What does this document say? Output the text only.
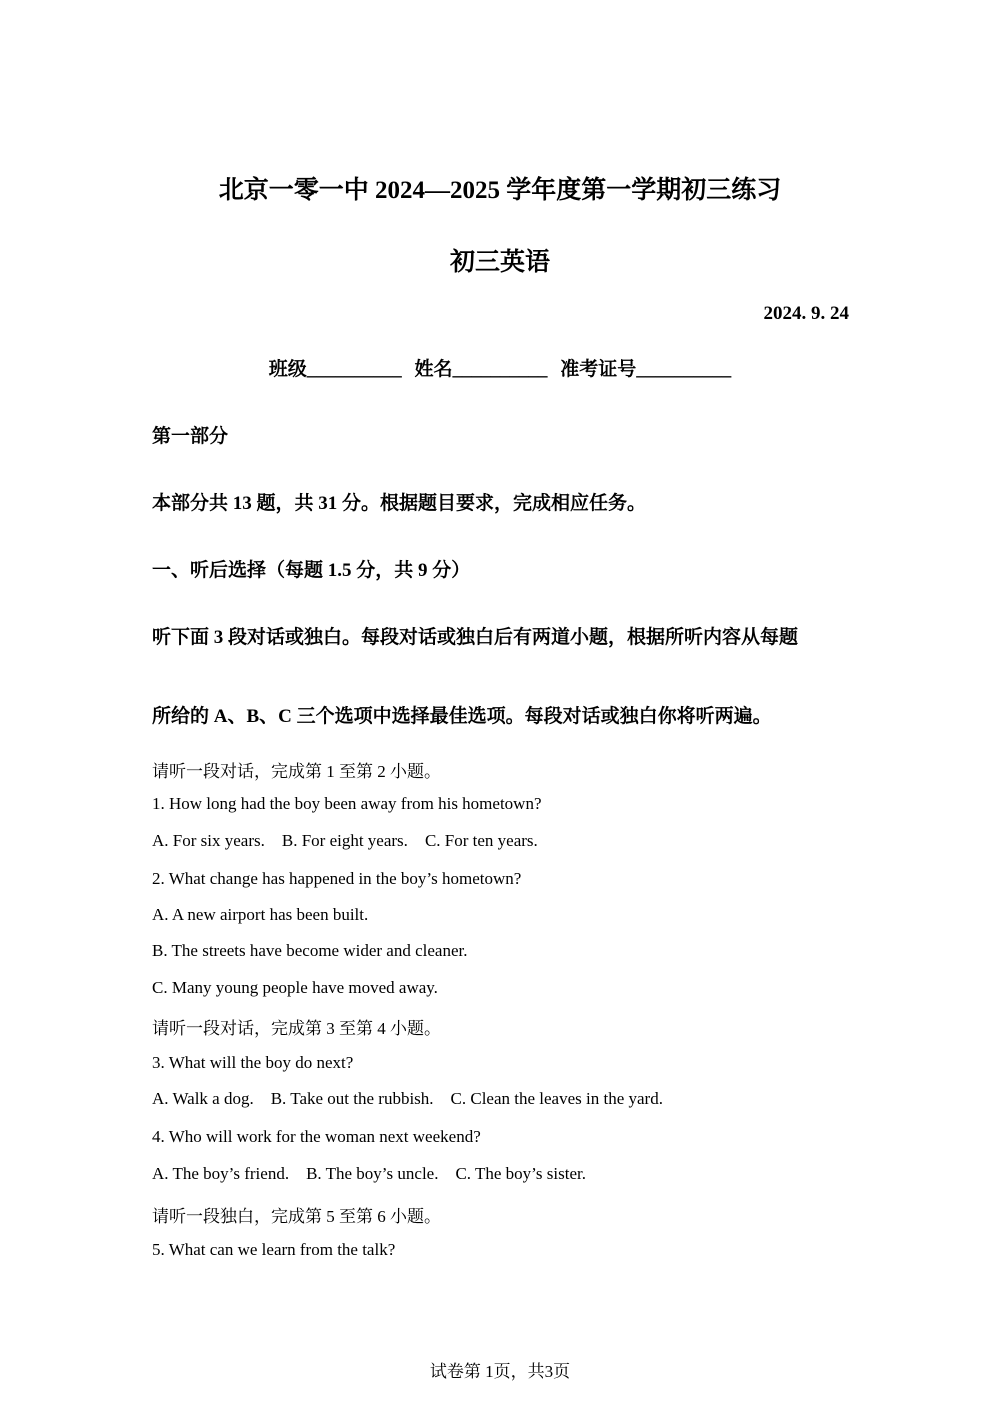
北京一零一中 2024—2025 学年度第一学期初三练习
初三英语
2024. 9. 24
班级__________ 姓名__________ 准考证号__________
第一部分
本部分共 13 题，共 31 分。根据题目要求，完成相应任务。
一、听后选择（每题 1.5 分，共 9 分）
听下面 3 段对话或独白。每段对话或独白后有两道小题，根据所听内容从每题
所给的 A、B、C 三个选项中选择最佳选项。每段对话或独白你将听两遍。
请听一段对话，完成第 1 至第 2 小题。
1. How long had the boy been away from his hometown?
A. For six years. B. For eight years. C. For ten years.
2. What change has happened in the boy’s hometown?
A. A new airport has been built.
B. The streets have become wider and cleaner.
C. Many young people have moved away.
请听一段对话，完成第 3 至第 4 小题。
3. What will the boy do next?
A. Walk a dog. B. Take out the rubbish. C. Clean the leaves in the yard.
4. Who will work for the woman next weekend?
A. The boy’s friend. B. The boy’s uncle. C. The boy’s sister.
请听一段独白，完成第 5 至第 6 小题。
5. What can we learn from the talk?
试卷第 1页，共3页
